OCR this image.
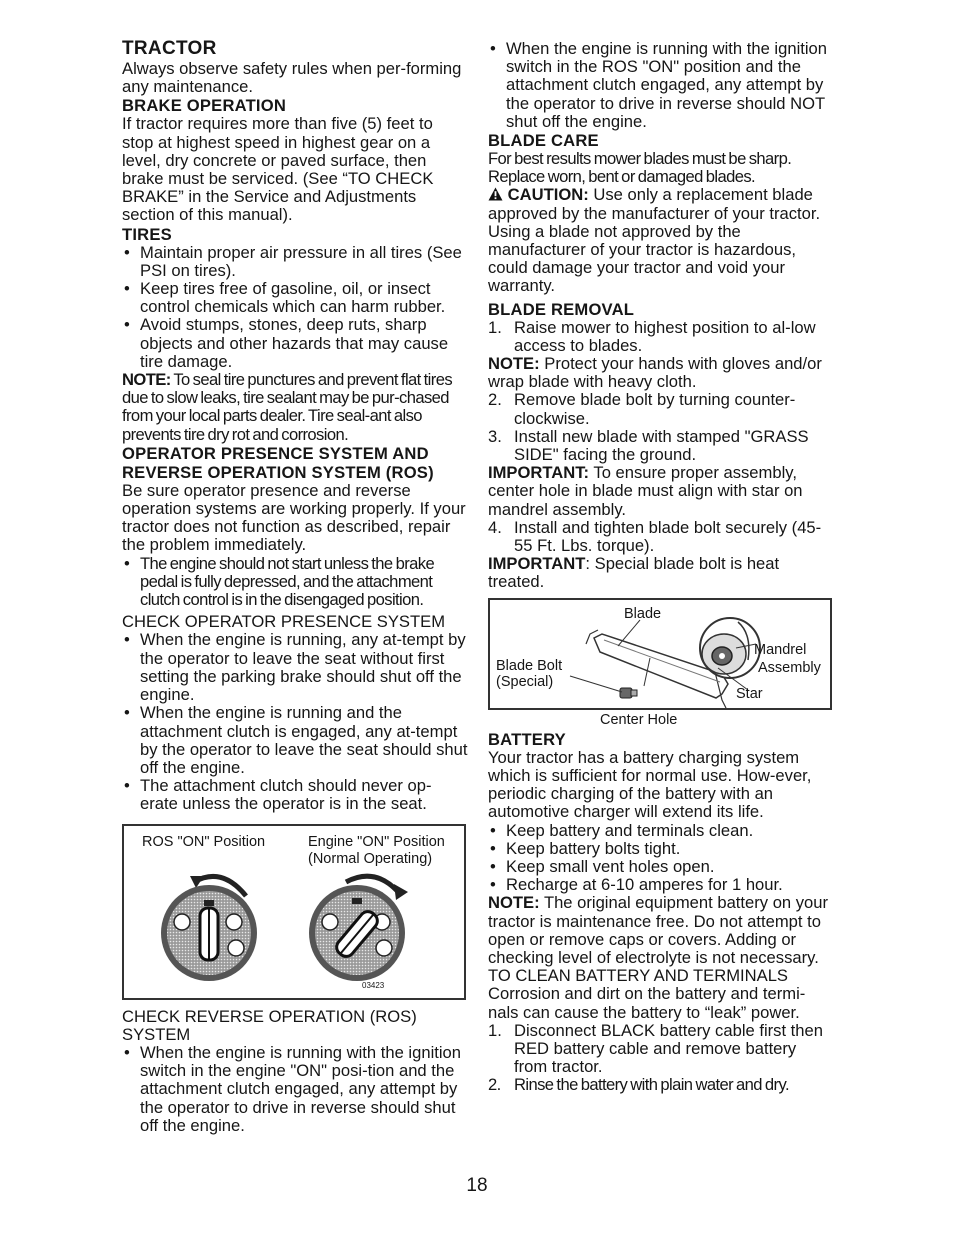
TRACTOR

Always observe safety rules when per-forming any maintenance.

BRAKE OPERATION

If tractor requires more than five (5) feet to stop at highest speed in highest gear on a level, dry concrete or paved surface, then brake must be serviced. (See “TO CHECK BRAKE” in the Service and Adjustments section of this manual).

TIRES
• Maintain proper air pressure in all tires (See PSI on tires).
• Keep tires free of gasoline, oil, or insect control chemicals which can harm rubber.
• Avoid stumps, stones, deep ruts, sharp objects and other hazards that may cause tire damage.

NOTE: To seal tire punctures and prevent flat tires due to slow leaks, tire sealant may be pur-chased from your local parts dealer. Tire seal-ant also prevents tire dry rot and corrosion.

OPERATOR PRESENCE SYSTEM AND REVERSE OPERATION SYSTEM (ROS)

Be sure operator presence and reverse operation systems are working properly. If your tractor does not function as described, repair the problem immediately.

• The engine should not start unless the brake pedal is fully depressed, and the attachment clutch control is in the disengaged position.

CHECK OPERATOR PRESENCE SYSTEM

• When the engine is running, any at-tempt by the operator to leave the seat without first setting the parking brake should shut off the engine.
• When the engine is running and the attachment clutch is engaged, any at-tempt by the operator to leave the seat should shut off the engine.
• The attachment clutch should never op-erate unless the operator is in the seat.
ROS "ON" Position	Engine "ON" Position
(Normal Operating)
03423

CHECK REVERSE OPERATION (ROS) SYSTEM

• When the engine is running with the ignition switch in the engine "ON" posi-tion and the attachment clutch engaged, any attempt by the operator to drive in reverse should shut off the engine.
• When the engine is running with the ignition switch in the ROS "ON" position and the attachment clutch engaged, any attempt by the operator to drive in reverse should NOT shut off the engine.
BLADE CARE

For best results mower blades must be sharp. Replace worn, bent or damaged blades.

CAUTION: Use only a replacement blade approved by the manufacturer of your tractor. Using a blade not approved by the manufacturer of your tractor is hazardous, could damage your tractor and void your warranty.

BLADE REMOVAL
1. Raise mower to highest position to al-low access to blades.

NOTE: Protect your hands with gloves and/or wrap blade with heavy cloth.

2. Remove blade bolt by turning counter-clockwise.
3. Install new blade with stamped "GRASS SIDE" facing the ground.

IMPORTANT: To ensure proper assembly, center hole in blade must align with star on mandrel assembly.

4. Install and tighten blade bolt securely (45-55 Ft. Lbs. torque).

IMPORTANT: Special blade bolt is heat treated.

Blade
Mandrel
Assembly
Blade Bolt
(Special)
Star
Center Hole
BATTERY

Your tractor has a battery charging system which is sufficient for normal use. How-ever, periodic charging of the battery with an automotive charger will extend its life.

• Keep battery and terminals clean.
• Keep battery bolts tight.
• Keep small vent holes open.
• Recharge at 6-10 amperes for 1 hour.

NOTE: The original equipment battery on your tractor is maintenance free. Do not attempt to open or remove caps or covers. Adding or checking level of electrolyte is not necessary.

TO CLEAN BATTERY AND TERMINALS

Corrosion and dirt on the battery and termi-nals can cause the battery to “leak” power.

1. Disconnect BLACK battery cable first then RED battery cable and remove battery from tractor.
2. Rinse the battery with plain water and dry.
18
